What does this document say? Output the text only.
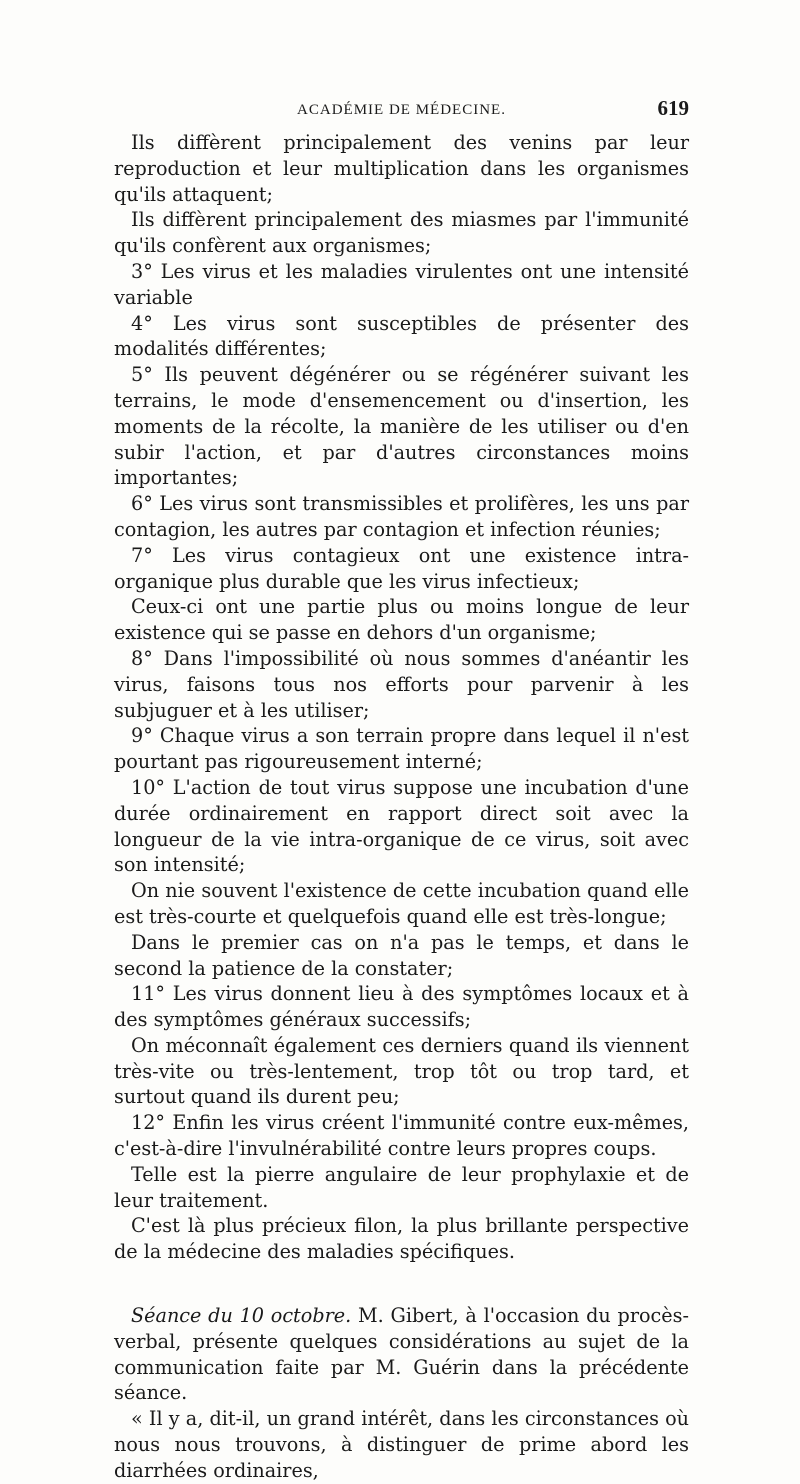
ACADÉMIE DE MÉDECINE.	619

Ils diffèrent principalement des venins par leur reproduction et leur multiplication dans les organismes qu'ils attaquent;

Ils diffèrent principalement des miasmes par l'immunité qu'ils confèrent aux organismes;

3° Les virus et les maladies virulentes ont une intensité variable

4° Les virus sont susceptibles de présenter des modalités différentes;

5° Ils peuvent dégénérer ou se régénérer suivant les terrains, le mode d'ensemencement ou d'insertion, les moments de la récolte, la manière de les utiliser ou d'en subir l'action, et par d'autres circonstances moins importantes;

6° Les virus sont transmissibles et prolifères, les uns par contagion, les autres par contagion et infection réunies;

7° Les virus contagieux ont une existence intra-organique plus durable que les virus infectieux;

Ceux-ci ont une partie plus ou moins longue de leur existence qui se passe en dehors d'un organisme;

8° Dans l'impossibilité où nous sommes d'anéantir les virus, faisons tous nos efforts pour parvenir à les subjuguer et à les utiliser;

9° Chaque virus a son terrain propre dans lequel il n'est pourtant pas rigoureusement interné;

10° L'action de tout virus suppose une incubation d'une durée ordinairement en rapport direct soit avec la longueur de la vie intra-organique de ce virus, soit avec son intensité;

On nie souvent l'existence de cette incubation quand elle est très-courte et quelquefois quand elle est très-longue;

Dans le premier cas on n'a pas le temps, et dans le second la patience de la constater;

11° Les virus donnent lieu à des symptômes locaux et à des symptômes généraux successifs;

On méconnaît également ces derniers quand ils viennent très-vite ou très-lentement, trop tôt ou trop tard, et surtout quand ils durent peu;

12° Enfin les virus créent l'immunité contre eux-mêmes, c'est-à-dire l'invulnérabilité contre leurs propres coups.

Telle est la pierre angulaire de leur prophylaxie et de leur traitement.

C'est là plus précieux filon, la plus brillante perspective de la médecine des maladies spécifiques.

Séance du 10 octobre. M. Gibert, à l'occasion du procès-verbal, présente quelques considérations au sujet de la communication faite par M. Guérin dans la précédente séance.

« Il y a, dit-il, un grand intérêt, dans les circonstances où nous nous trouvons, à distinguer de prime abord les diarrhées ordinaires,
